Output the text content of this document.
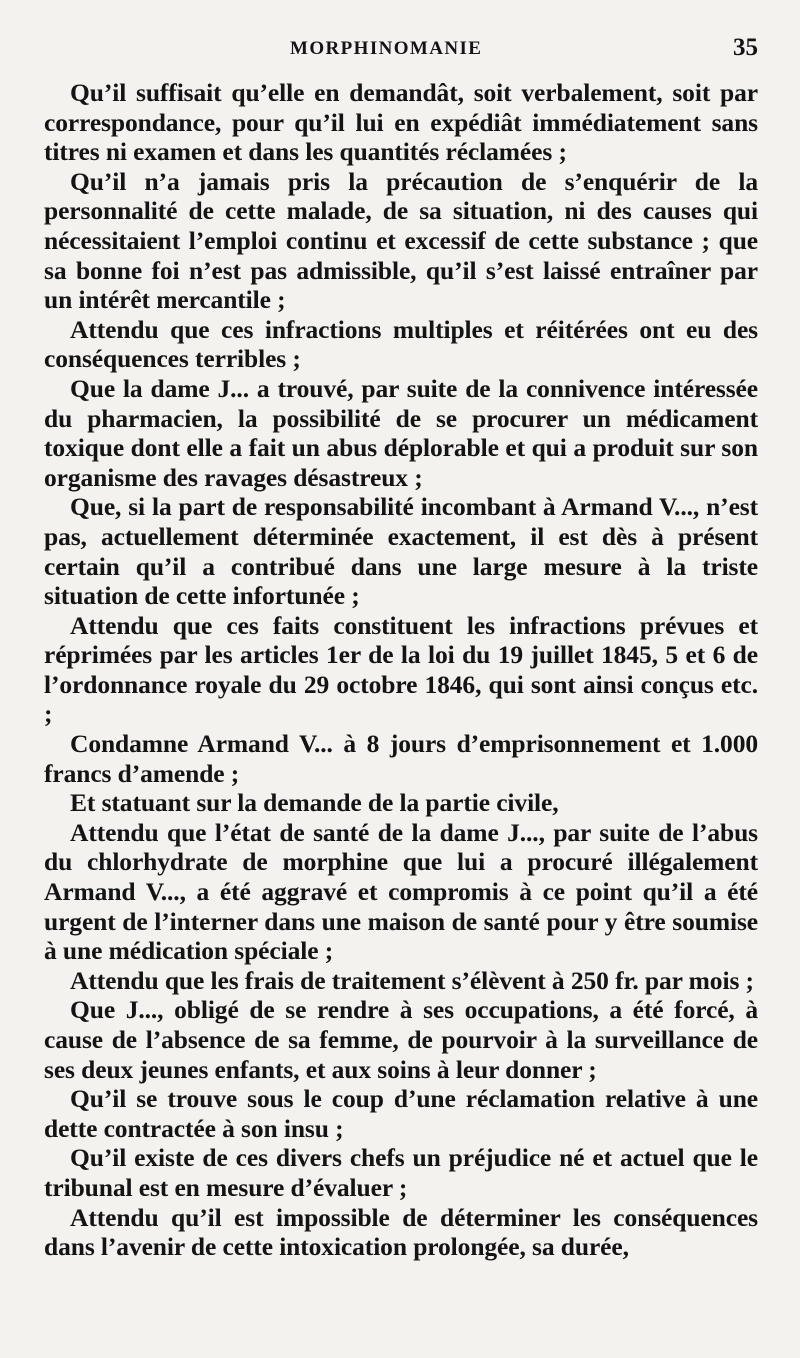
MORPHINOMANIE	35

Qu’il suffisait qu’elle en demandât, soit verbalement, soit par correspondance, pour qu’il lui en expédiât immédiatement sans titres ni examen et dans les quantités réclamées ;

Qu’il n’a jamais pris la précaution de s’enquérir de la personnalité de cette malade, de sa situation, ni des causes qui nécessitaient l’emploi continu et excessif de cette substance ; que sa bonne foi n’est pas admissible, qu’il s’est laissé entraîner par un intérêt mercantile ;

Attendu que ces infractions multiples et réitérées ont eu des conséquences terribles ;

Que la dame J... a trouvé, par suite de la connivence intéressée du pharmacien, la possibilité de se procurer un médicament toxique dont elle a fait un abus déplorable et qui a produit sur son organisme des ravages désastreux ;

Que, si la part de responsabilité incombant à Armand V..., n’est pas, actuellement déterminée exactement, il est dès à présent certain qu’il a contribué dans une large mesure à la triste situation de cette infortunée ;

Attendu que ces faits constituent les infractions prévues et réprimées par les articles 1er de la loi du 19 juillet 1845, 5 et 6 de l’ordonnance royale du 29 octobre 1846, qui sont ainsi conçus etc. ;

Condamne Armand V... à 8 jours d’emprisonnement et 1.000 francs d’amende ;

Et statuant sur la demande de la partie civile,

Attendu que l’état de santé de la dame J..., par suite de l’abus du chlorhydrate de morphine que lui a procuré illégalement Armand V..., a été aggravé et compromis à ce point qu’il a été urgent de l’interner dans une maison de santé pour y être soumise à une médication spéciale ;

Attendu que les frais de traitement s’élèvent à 250 fr. par mois ;

Que J..., obligé de se rendre à ses occupations, a été forcé, à cause de l’absence de sa femme, de pourvoir à la surveillance de ses deux jeunes enfants, et aux soins à leur donner ;

Qu’il se trouve sous le coup d’une réclamation relative à une dette contractée à son insu ;

Qu’il existe de ces divers chefs un préjudice né et actuel que le tribunal est en mesure d’évaluer ;

Attendu qu’il est impossible de déterminer les conséquences dans l’avenir de cette intoxication prolongée, sa durée,
